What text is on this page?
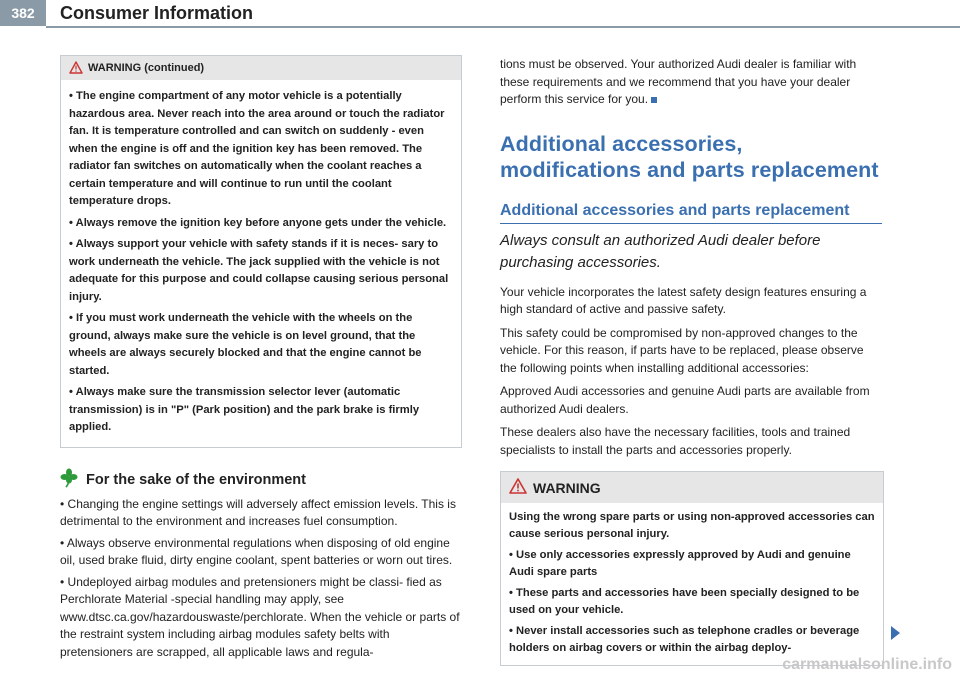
382	Consumer Information
WARNING (continued)

• The engine compartment of any motor vehicle is a potentially hazardous area. Never reach into the area around or touch the radiator fan. It is temperature controlled and can switch on suddenly - even when the engine is off and the ignition key has been removed. The radiator fan switches on automatically when the coolant reaches a certain temperature and will continue to run until the coolant temperature drops.

• Always remove the ignition key before anyone gets under the vehicle.

• Always support your vehicle with safety stands if it is neces- sary to work underneath the vehicle. The jack supplied with the vehicle is not adequate for this purpose and could collapse causing serious personal injury.

• If you must work underneath the vehicle with the wheels on the ground, always make sure the vehicle is on level ground, that the wheels are always securely blocked and that the engine cannot be started.

• Always make sure the transmission selector lever (automatic transmission) is in "P" (Park position) and the park brake is firmly applied.

For the sake of the environment

• Changing the engine settings will adversely affect emission levels. This is detrimental to the environment and increases fuel consumption.

• Always observe environmental regulations when disposing of old engine oil, used brake fluid, dirty engine coolant, spent batteries or worn out tires.

• Undeployed airbag modules and pretensioners might be classi- fied as Perchlorate Material -special handling may apply, see www.dtsc.ca.gov/hazardouswaste/perchlorate. When the vehicle or parts of the restraint system including airbag modules safety belts with pretensioners are scrapped, all applicable laws and regula-

tions must be observed. Your authorized Audi dealer is familiar with these requirements and we recommend that you have your dealer perform this service for you.

Additional accessories, modifications and parts replacement
Additional accessories and parts replacement
Always consult an authorized Audi dealer before purchasing accessories.

Your vehicle incorporates the latest safety design features ensuring a high standard of active and passive safety.

This safety could be compromised by non-approved changes to the vehicle. For this reason, if parts have to be replaced, please observe the following points when installing additional accessories:

Approved Audi accessories and genuine Audi parts are available from authorized Audi dealers.

These dealers also have the necessary facilities, tools and trained specialists to install the parts and accessories properly.

WARNING

Using the wrong spare parts or using non-approved accessories can cause serious personal injury.

• Use only accessories expressly approved by Audi and genuine Audi spare parts

• These parts and accessories have been specially designed to be used on your vehicle.

• Never install accessories such as telephone cradles or beverage holders on airbag covers or within the airbag deploy-

carmanualsonline.info
